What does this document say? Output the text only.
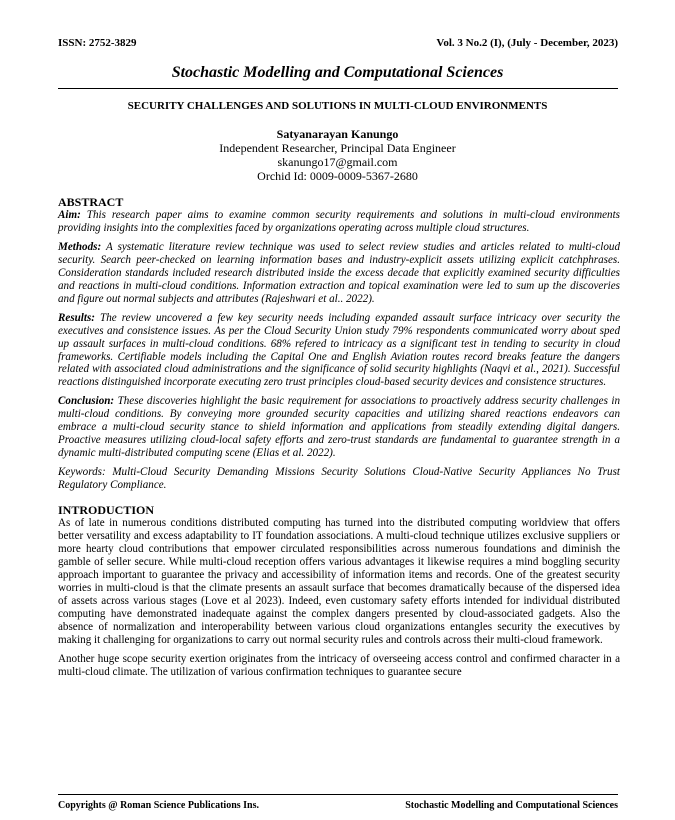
ISSN: 2752-3829	Vol. 3 No.2 (I), (July - December, 2023)
Stochastic Modelling and Computational Sciences
SECURITY CHALLENGES AND SOLUTIONS IN MULTI-CLOUD ENVIRONMENTS
Satyanarayan Kanungo
Independent Researcher, Principal Data Engineer
skanungo17@gmail.com
Orchid Id: 0009-0009-5367-2680

ABSTRACT

Aim: This research paper aims to examine common security requirements and solutions in multi-cloud environments providing insights into the complexities faced by organizations operating across multiple cloud structures.

Methods: A systematic literature review technique was used to select review studies and articles related to multi-cloud security. Search peer-checked on learning information bases and industry-explicit assets utilizing explicit catchphrases. Consideration standards included research distributed inside the excess decade that explicitly examined security difficulties and reactions in multi-cloud conditions. Information extraction and topical examination were led to sum up the discoveries and figure out normal subjects and attributes (Rajeshwari et al.. 2022).

Results: The review uncovered a few key security needs including expanded assault surface intricacy over security the executives and consistence issues. As per the Cloud Security Union study 79% respondents communicated worry about sped up assault surfaces in multi-cloud conditions. 68% refered to intricacy as a significant test in tending to security in cloud frameworks. Certifiable models including the Capital One and English Aviation routes record breaks feature the dangers related with associated cloud administrations and the significance of solid security highlights (Naqvi et al., 2021). Successful reactions distinguished incorporate executing zero trust principles cloud-based security devices and consistence structures.

Conclusion: These discoveries highlight the basic requirement for associations to proactively address security challenges in multi-cloud conditions. By conveying more grounded security capacities and utilizing shared reactions endeavors can embrace a multi-cloud security stance to shield information and applications from steadily extending digital dangers. Proactive measures utilizing cloud-local safety efforts and zero-trust standards are fundamental to guarantee strength in a dynamic multi-distributed computing scene (Elias et al. 2022).

Keywords: Multi-Cloud Security Demanding Missions Security Solutions Cloud-Native Security Appliances No Trust Regulatory Compliance.

INTRODUCTION

As of late in numerous conditions distributed computing has turned into the distributed computing worldview that offers better versatility and excess adaptability to IT foundation associations. A multi-cloud technique utilizes exclusive suppliers or more hearty cloud contributions that empower circulated responsibilities across numerous foundations and diminish the gamble of seller secure. While multi-cloud reception offers various advantages it likewise requires a mind boggling security approach important to guarantee the privacy and accessibility of information items and records. One of the greatest security worries in multi-cloud is that the climate presents an assault surface that becomes dramatically because of the dispersed idea of assets across various stages (Love et al 2023). Indeed, even customary safety efforts intended for individual distributed computing have demonstrated inadequate against the complex dangers presented by cloud-associated gadgets. Also the absence of normalization and interoperability between various cloud organizations entangles security the executives by making it challenging for organizations to carry out normal security rules and controls across their multi-cloud framework.

Another huge scope security exertion originates from the intricacy of overseeing access control and confirmed character in a multi-cloud climate. The utilization of various confirmation techniques to guarantee secure

Copyrights @ Roman Science Publications Ins.	Stochastic Modelling and Computational Sciences
